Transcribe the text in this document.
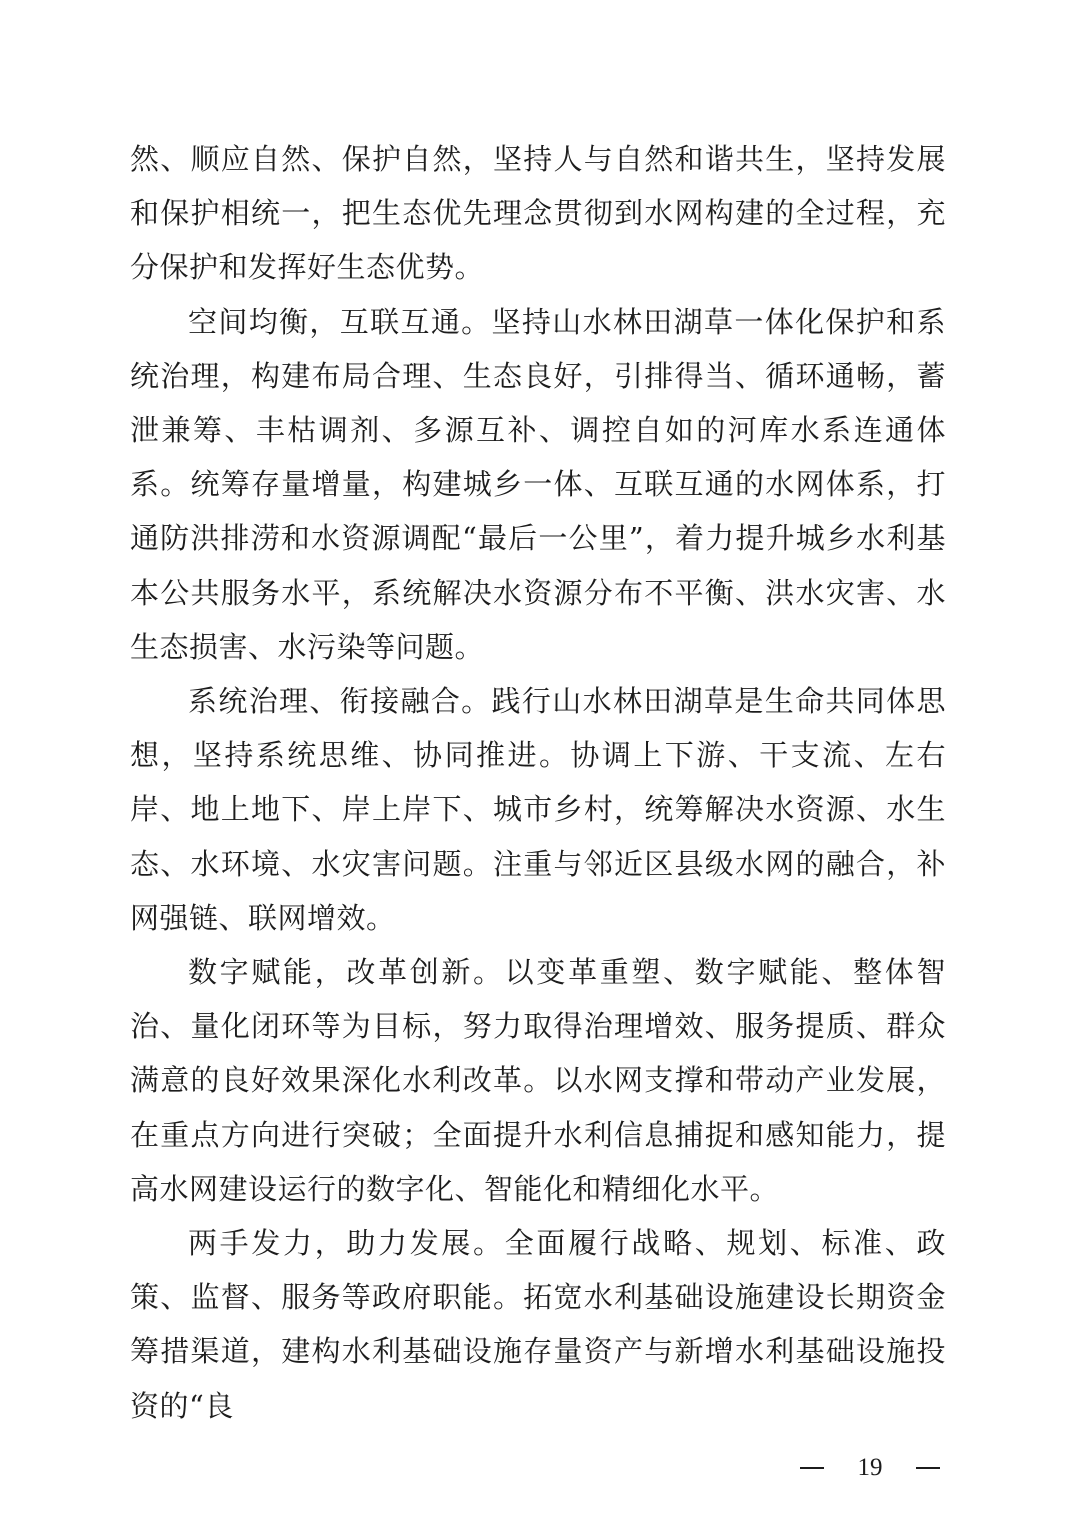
然、顺应自然、保护自然，坚持人与自然和谐共生，坚持发展和保护相统一，把生态优先理念贯彻到水网构建的全过程，充分保护和发挥好生态优势。

空间均衡，互联互通。坚持山水林田湖草一体化保护和系统治理，构建布局合理、生态良好，引排得当、循环通畅，蓄泄兼筹、丰枯调剂、多源互补、调控自如的河库水系连通体系。统筹存量增量，构建城乡一体、互联互通的水网体系，打通防洪排涝和水资源调配“最后一公里”，着力提升城乡水利基本公共服务水平，系统解决水资源分布不平衡、洪水灾害、水生态损害、水污染等问题。

系统治理、衔接融合。践行山水林田湖草是生命共同体思想，坚持系统思维、协同推进。协调上下游、干支流、左右岸、地上地下、岸上岸下、城市乡村，统筹解决水资源、水生态、水环境、水灾害问题。注重与邻近区县级水网的融合，补网强链、联网增效。

数字赋能，改革创新。以变革重塑、数字赋能、整体智治、量化闭环等为目标，努力取得治理增效、服务提质、群众满意的良好效果深化水利改革。以水网支撑和带动产业发展，在重点方向进行突破；全面提升水利信息捕捉和感知能力，提高水网建设运行的数字化、智能化和精细化水平。

两手发力，助力发展。全面履行战略、规划、标准、政策、监督、服务等政府职能。拓宽水利基础设施建设长期资金筹措渠道，建构水利基础设施存量资产与新增水利基础设施投资的“良

19
